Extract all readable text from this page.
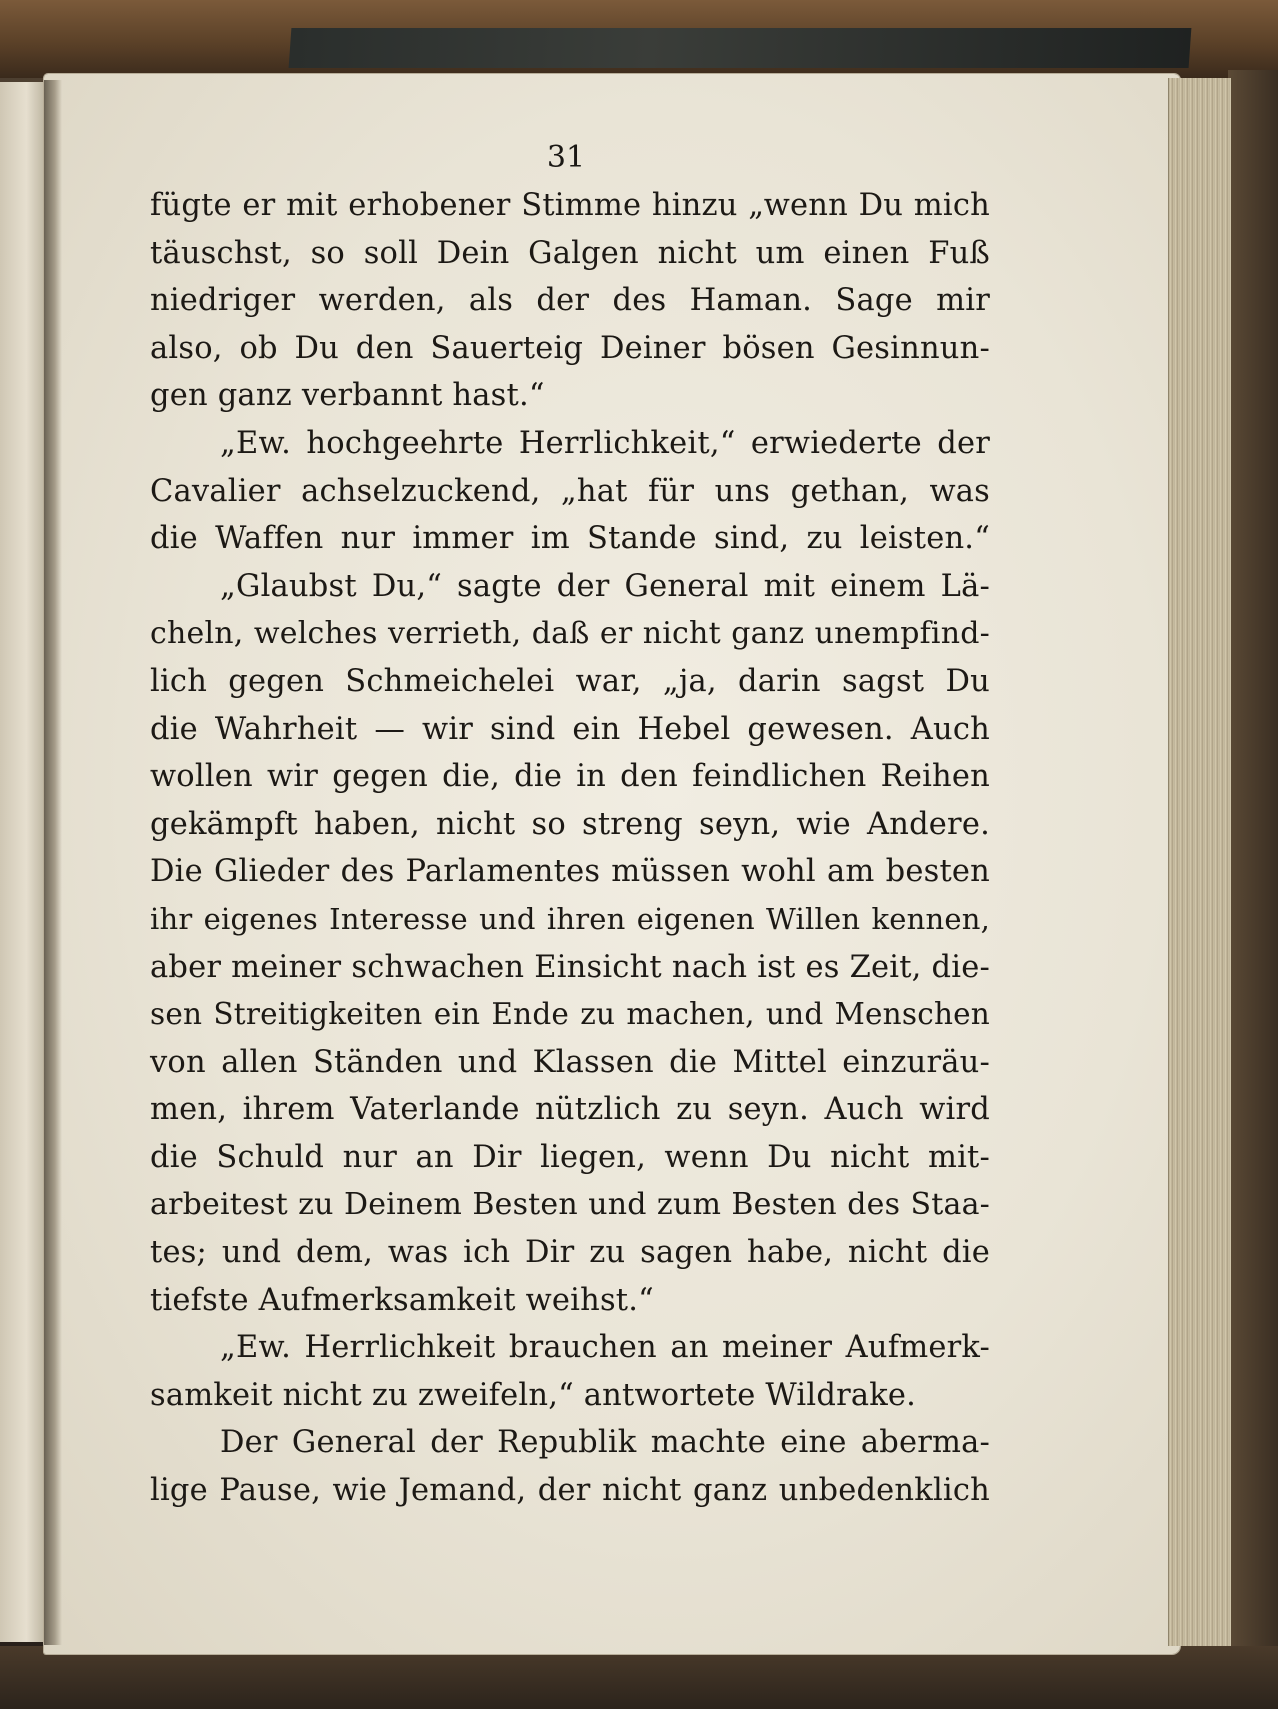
31
fügte er mit erhobener Stimme hinzu „wenn Du mich
täuschst, so soll Dein Galgen nicht um einen Fuß
niedriger werden, als der des Haman. Sage mir
also, ob Du den Sauerteig Deiner bösen Gesinnun-
gen ganz verbannt hast.“
„Ew. hochgeehrte Herrlichkeit,“ erwiederte der
Cavalier achselzuckend, „hat für uns gethan, was
die Waffen nur immer im Stande sind, zu leisten.“
„Glaubst Du,“ sagte der General mit einem Lä-
cheln, welches verrieth, daß er nicht ganz unempfind-
lich gegen Schmeichelei war, „ja, darin sagst Du
die Wahrheit — wir sind ein Hebel gewesen. Auch
wollen wir gegen die, die in den feindlichen Reihen
gekämpft haben, nicht so streng seyn, wie Andere.
Die Glieder des Parlamentes müssen wohl am besten
ihr eigenes Interesse und ihren eigenen Willen kennen,
aber meiner schwachen Einsicht nach ist es Zeit, die-
sen Streitigkeiten ein Ende zu machen, und Menschen
von allen Ständen und Klassen die Mittel einzuräu-
men, ihrem Vaterlande nützlich zu seyn. Auch wird
die Schuld nur an Dir liegen, wenn Du nicht mit-
arbeitest zu Deinem Besten und zum Besten des Staa-
tes; und dem, was ich Dir zu sagen habe, nicht die
tiefste Aufmerksamkeit weihst.“
„Ew. Herrlichkeit brauchen an meiner Aufmerk-
samkeit nicht zu zweifeln,“ antwortete Wildrake.
Der General der Republik machte eine aberma-
lige Pause, wie Jemand, der nicht ganz unbedenklich
